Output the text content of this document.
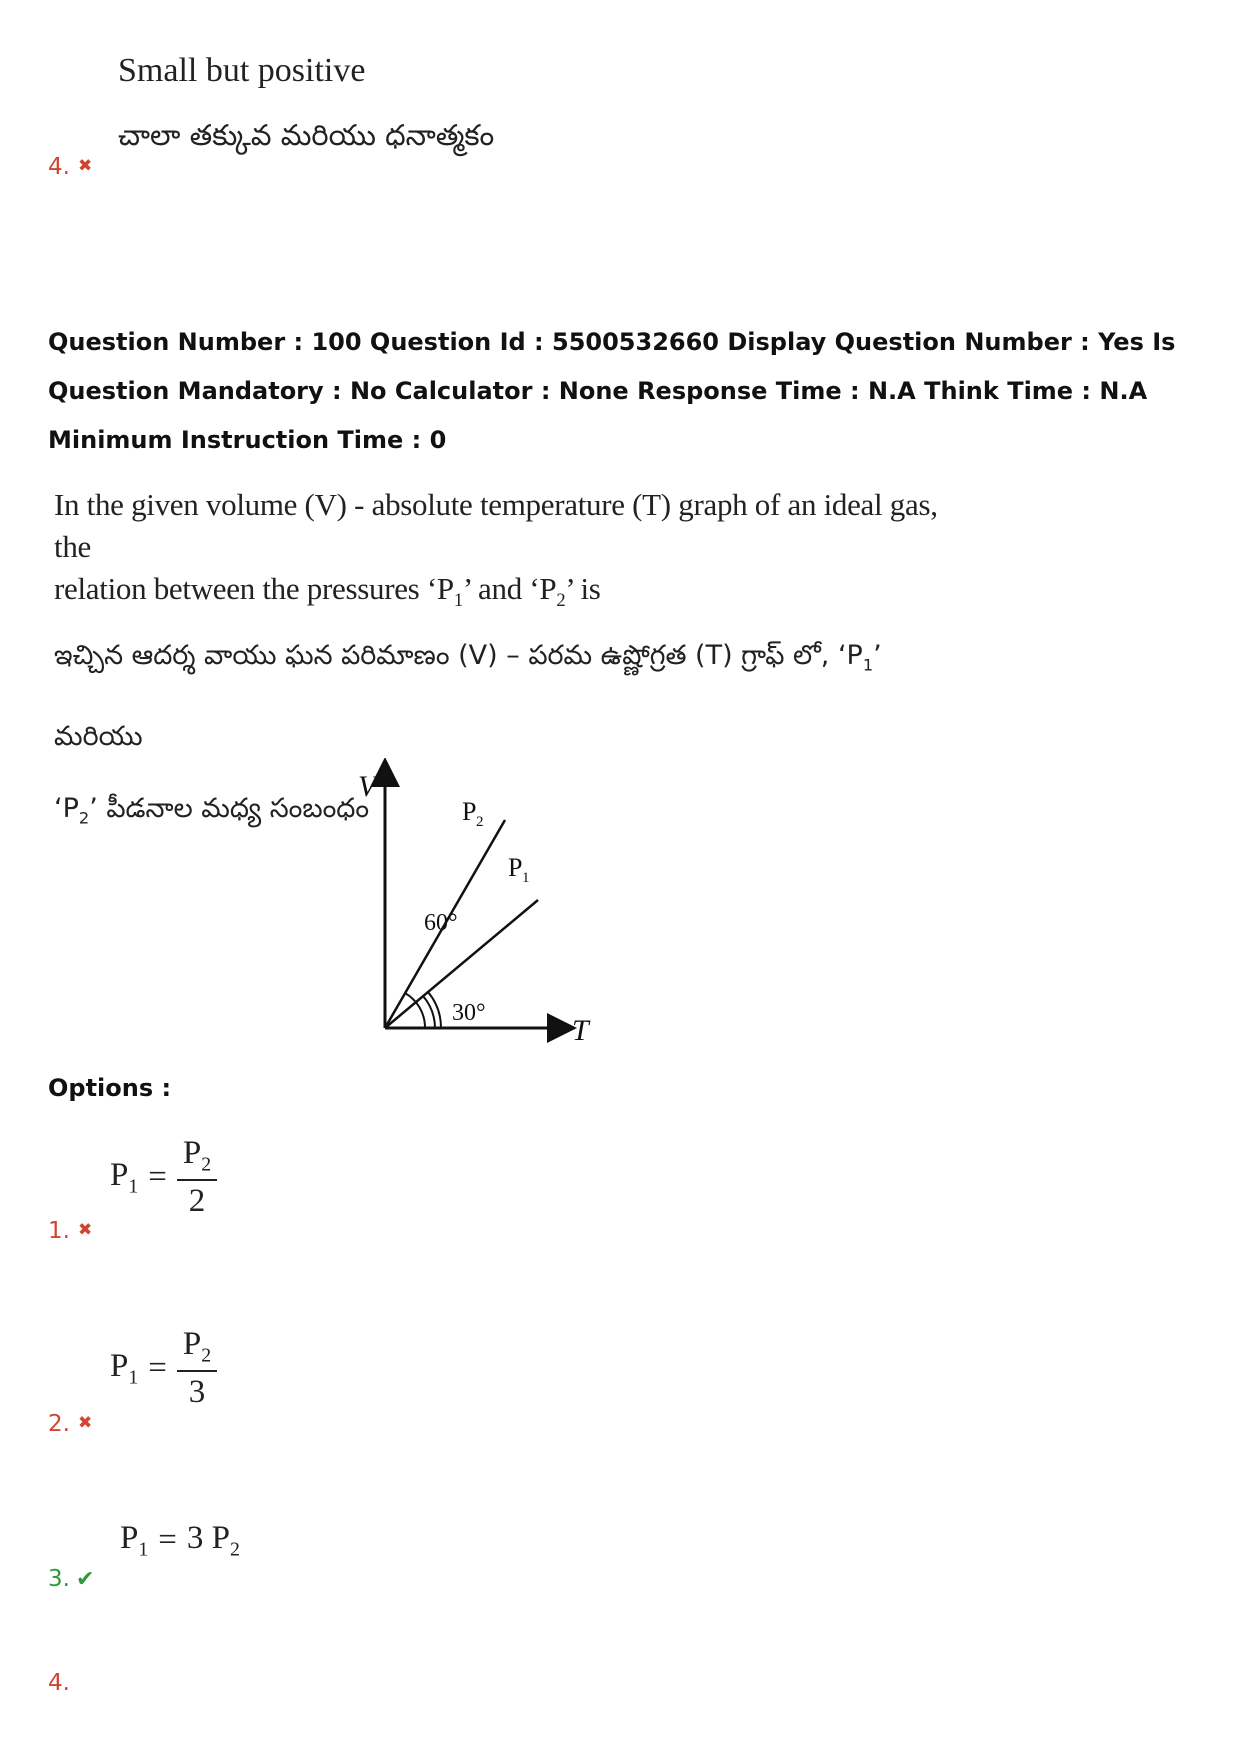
Small but positive
చాలా తక్కువ మరియు ధనాత్మకం
4. ✖
Question Number : 100 Question Id : 5500532660 Display Question Number : Yes Is Question Mandatory : No Calculator : None Response Time : N.A Think Time : N.A Minimum Instruction Time : 0
In the given volume (V) - absolute temperature (T) graph of an ideal gas, the
relation between the pressures ‘$P_1$’ and ‘$P_2$’ is
ఇచ్చిన ఆదర్శ వాయు ఘన పరిమాణం (V) – పరమ ఉష్ణోగ్రత (T) గ్రాఫ్ లో, ‘$P_1$’ మరియు
‘$P_2$’ పీడనాల మధ్య సంబంధం
V
T
P 2
P 1
60°
30°
Options :
$P_1 = \frac{P_2}{2}$
1. ✖
$P_1 = \frac{P_2}{3}$
2. ✖
$P_1 = 3$ $P_2$
3. ✔
4.
